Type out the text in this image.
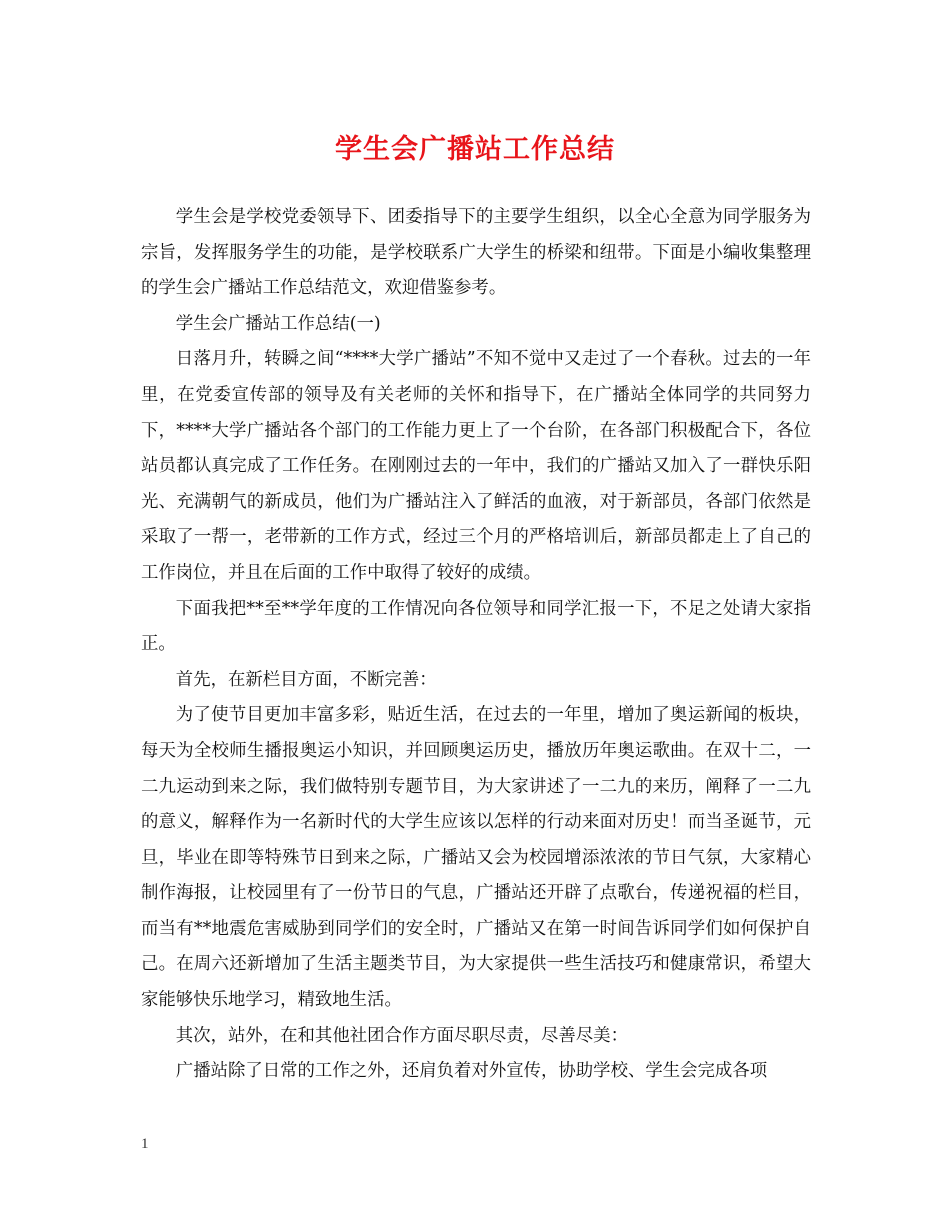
学生会广播站工作总结

学生会是学校党委领导下、团委指导下的主要学生组织，以全心全意为同学服务为宗旨，发挥服务学生的功能，是学校联系广大学生的桥梁和纽带。下面是小编收集整理的学生会广播站工作总结范文，欢迎借鉴参考。

学生会广播站工作总结(一)

日落月升，转瞬之间“****大学广播站”不知不觉中又走过了一个春秋。过去的一年里，在党委宣传部的领导及有关老师的关怀和指导下，在广播站全体同学的共同努力下，****大学广播站各个部门的工作能力更上了一个台阶，在各部门积极配合下，各位站员都认真完成了工作任务。在刚刚过去的一年中，我们的广播站又加入了一群快乐阳光、充满朝气的新成员，他们为广播站注入了鲜活的血液，对于新部员，各部门依然是采取了一帮一，老带新的工作方式，经过三个月的严格培训后，新部员都走上了自己的工作岗位，并且在后面的工作中取得了较好的成绩。

下面我把**至**学年度的工作情况向各位领导和同学汇报一下，不足之处请大家指正。

首先，在新栏目方面，不断完善：

为了使节目更加丰富多彩，贴近生活，在过去的一年里，增加了奥运新闻的板块，每天为全校师生播报奥运小知识，并回顾奥运历史，播放历年奥运歌曲。在双十二，一二九运动到来之际，我们做特别专题节目，为大家讲述了一二九的来历，阐释了一二九的意义，解释作为一名新时代的大学生应该以怎样的行动来面对历史！而当圣诞节，元旦，毕业在即等特殊节日到来之际，广播站又会为校园增添浓浓的节日气氛，大家精心制作海报，让校园里有了一份节日的气息，广播站还开辟了点歌台，传递祝福的栏目，而当有**地震危害威胁到同学们的安全时，广播站又在第一时间告诉同学们如何保护自己。在周六还新增加了生活主题类节目，为大家提供一些生活技巧和健康常识，希望大家能够快乐地学习，精致地生活。

其次，站外，在和其他社团合作方面尽职尽责，尽善尽美：

广播站除了日常的工作之外，还肩负着对外宣传，协助学校、学生会完成各项

1
